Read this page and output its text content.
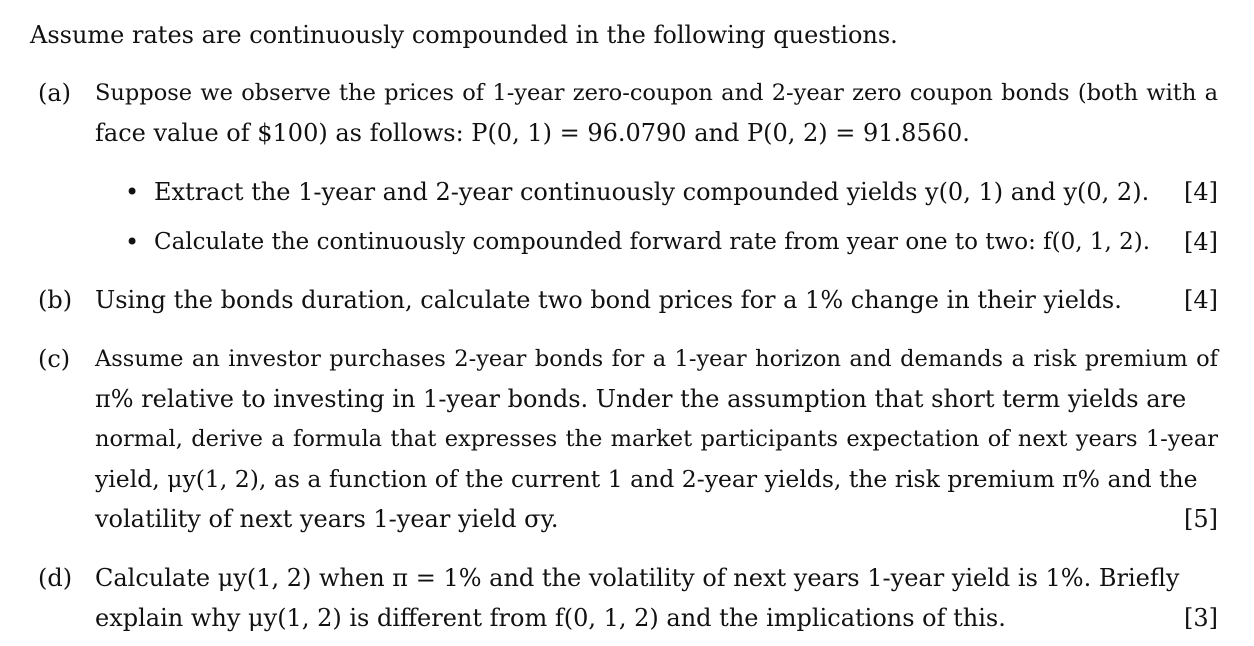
Assume rates are continuously compounded in the following questions.
(a) Suppose we observe the prices of 1-year zero-coupon and 2-year zero coupon bonds (both with a
face value of $100) as follows: P(0, 1) = 96.0790 and P(0, 2) = 91.8560.
• Extract the 1-year and 2-year continuously compounded yields y(0, 1) and y(0, 2). [4]
• Calculate the continuously compounded forward rate from year one to two: f(0, 1, 2). [4]
(b) Using the bonds duration, calculate two bond prices for a 1% change in their yields.	[4]
(c) Assume an investor purchases 2-year bonds for a 1-year horizon and demands a risk premium of
π% relative to investing in 1-year bonds. Under the assumption that short term yields are
normal, derive a formula that expresses the market participants expectation of next years 1-year
yield, μy(1, 2), as a function of the current 1 and 2-year yields, the risk premium π% and the
volatility of next years 1-year yield σy.	[5]
(d) Calculate μy(1, 2) when π = 1% and the volatility of next years 1-year yield is 1%. Briefly
explain why μy(1, 2) is different from f(0, 1, 2) and the implications of this.	[3]
